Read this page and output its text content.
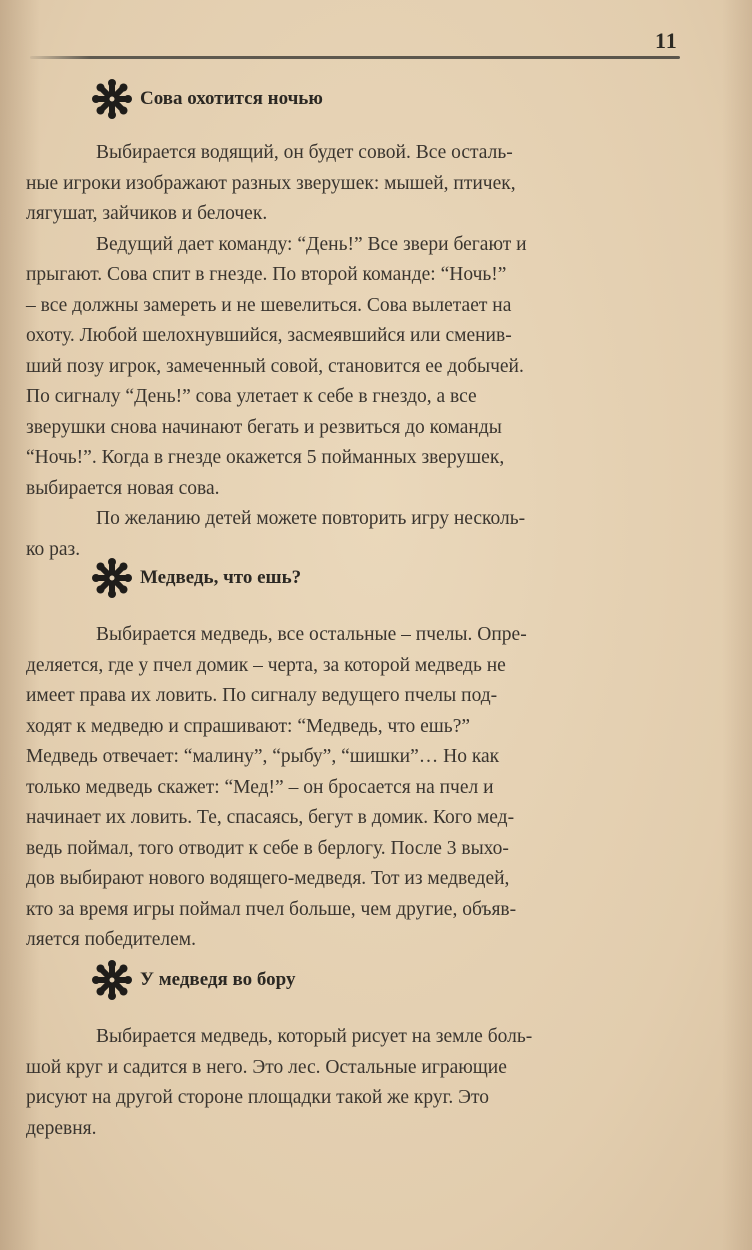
11
Сова охотится ночью
Выбирается водящий, он будет совой. Все осталь-
ные игроки изображают разных зверушек: мышей, птичек,
лягушат, зайчиков и белочек.
Ведущий дает команду: “День!” Все звери бегают и
прыгают. Сова спит в гнезде. По второй команде: “Ночь!”
– все должны замереть и не шевелиться. Сова вылетает на
охоту. Любой шелохнувшийся, засмеявшийся или сменив-
ший позу игрок, замеченный совой, становится ее добычей.
По сигналу “День!” сова улетает к себе в гнездо, а все
зверушки снова начинают бегать и резвиться до команды
“Ночь!”. Когда в гнезде окажется 5 пойманных зверушек,
выбирается новая сова.
По желанию детей можете повторить игру несколь-
ко раз.
Медведь, что ешь?
Выбирается медведь, все остальные – пчелы. Опре-
деляется, где у пчел домик – черта, за которой медведь не
имеет права их ловить. По сигналу ведущего пчелы под-
ходят к медведю и спрашивают: “Медведь, что ешь?”
Медведь отвечает: “малину”, “рыбу”, “шишки”… Но как
только медведь скажет: “Мед!” – он бросается на пчел и
начинает их ловить. Те, спасаясь, бегут в домик. Кого мед-
ведь поймал, того отводит к себе в берлогу. После 3 выхо-
дов выбирают нового водящего-медведя. Тот из медведей,
кто за время игры поймал пчел больше, чем другие, объяв-
ляется победителем.
У медведя во бору
Выбирается медведь, который рисует на земле боль-
шой круг и садится в него. Это лес. Остальные играющие
рисуют на другой стороне площадки такой же круг. Это
деревня.
